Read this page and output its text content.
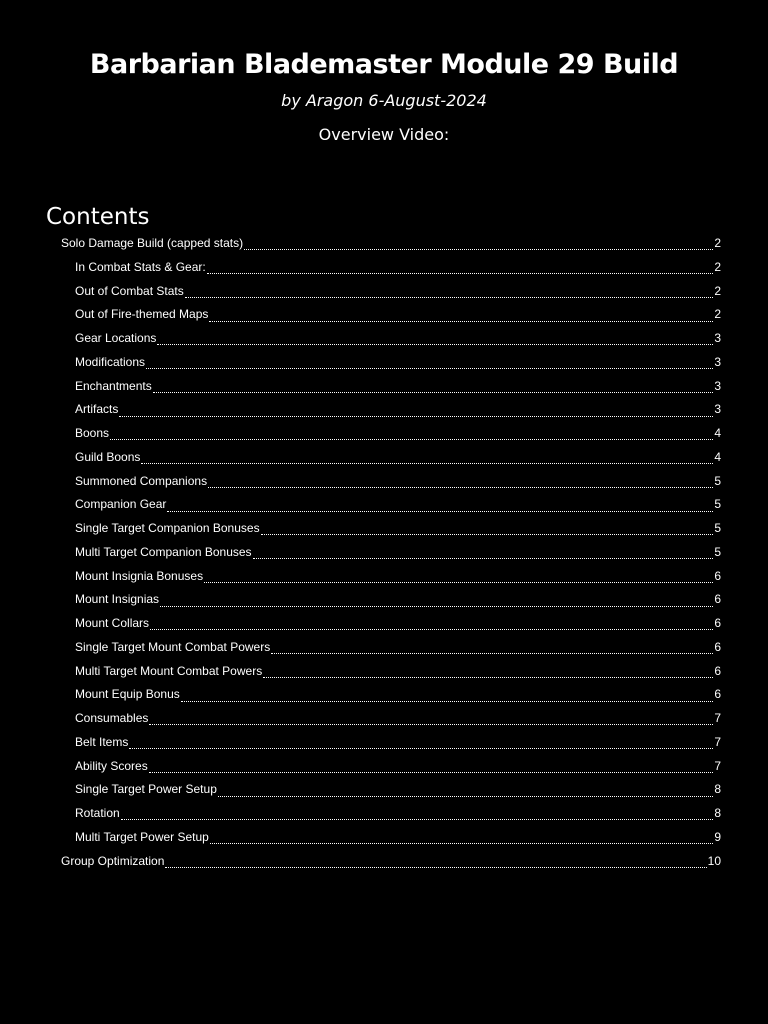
Barbarian Blademaster Module 29 Build
by Aragon 6-August-2024
Overview Video:
Contents
Solo Damage Build (capped stats)	2
In Combat Stats & Gear:	2
Out of Combat Stats	2
Out of Fire-themed Maps	2
Gear Locations	3
Modifications	3
Enchantments	3
Artifacts	3
Boons	4
Guild Boons	4
Summoned Companions	5
Companion Gear	5
Single Target Companion Bonuses	5
Multi Target Companion Bonuses	5
Mount Insignia Bonuses	6
Mount Insignias	6
Mount Collars	6
Single Target Mount Combat Powers	6
Multi Target Mount Combat Powers	6
Mount Equip Bonus	6
Consumables	7
Belt Items	7
Ability Scores	7
Single Target Power Setup	8
Rotation	8
Multi Target Power Setup	9
Group Optimization	10
